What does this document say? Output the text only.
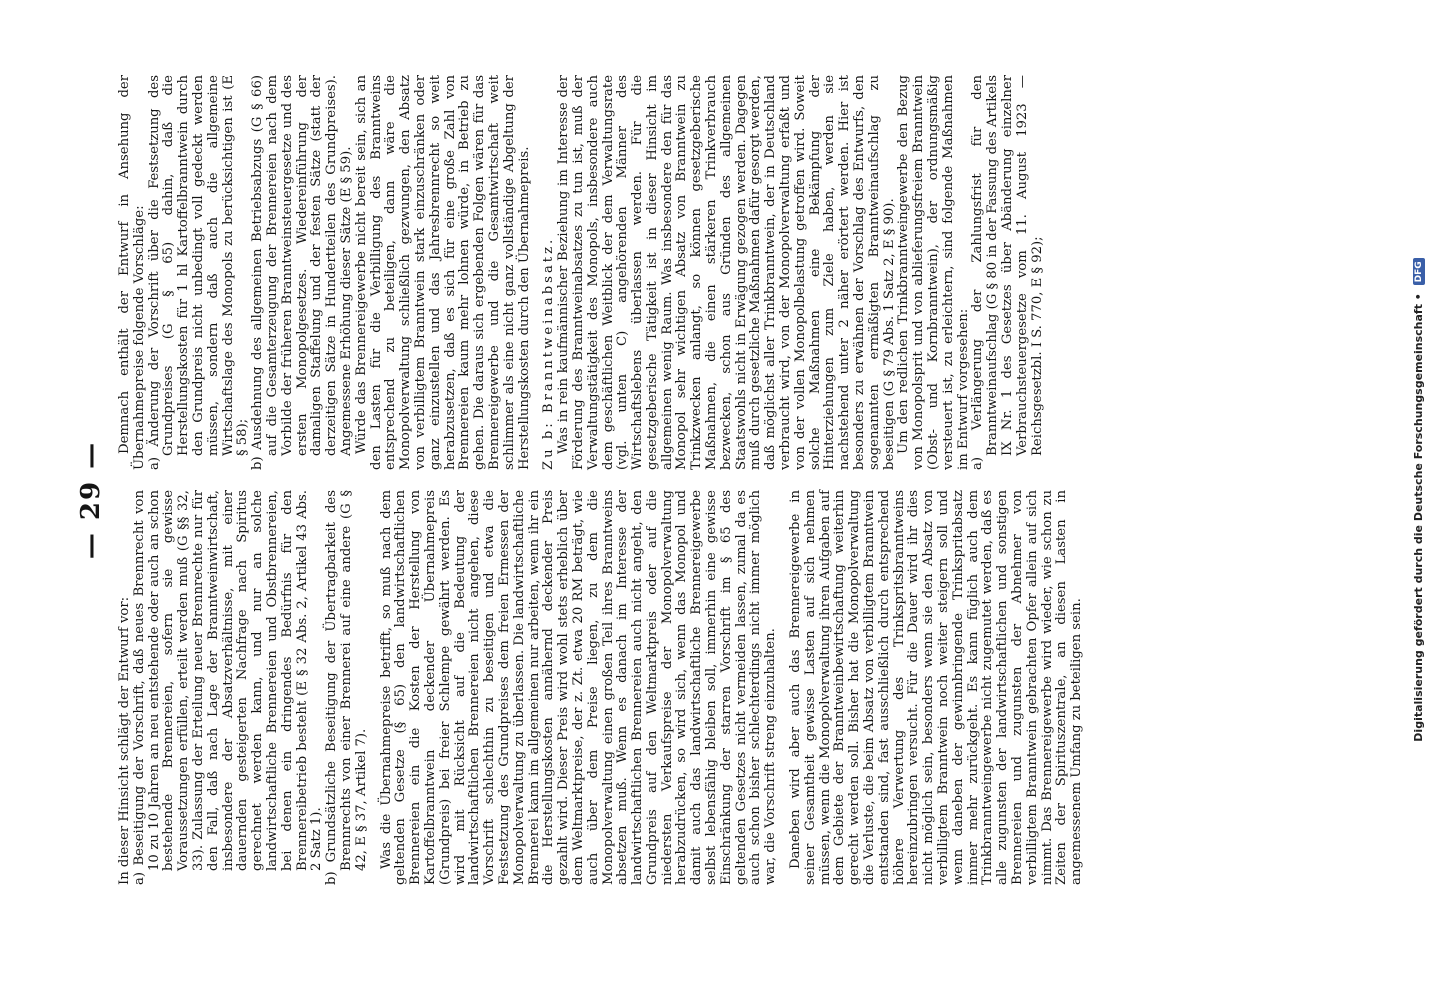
— 29 —

In dieser Hinsicht schlägt der Entwurf vor: a) Beseitigung der Vorschrift, daß neues Brennrecht von 10 zu 10 Jahren an neu entstehende oder auch an schon bestehende Brennereien, sofern sie gewisse Voraussetzungen erfüllen, erteilt werden muß (G §§ 32, 33). Zulassung der Erteilung neuer Brennrechte nur für den Fall, daß nach Lage der Branntweinwirtschaft, insbesondere der Absatzverhältnisse, mit einer dauernden gesteigerten Nachfrage nach Spiritus gerechnet werden kann, und nur an solche landwirtschaftliche Brennereien und Obstbrennereien, bei denen ein dringendes Bedürfnis für den Brennereibetrieb besteht (E § 32 Abs. 2, Artikel 43 Abs. 2 Satz 1). b) Grundsätzliche Beseitigung der Übertragbarkeit des Brennrechts von einer Brennerei auf eine andere (G § 42, E § 37, Artikel 7). Was die Übernahmepreise betrifft, so muß nach dem geltenden Gesetze (§ 65) den landwirtschaftlichen Brennereien ein die Kosten der Herstellung von Kartoffelbranntwein deckender Übernahmepreis (Grundpreis) bei freier Schlempe gewährt werden. Es wird mit Rücksicht auf die Bedeutung der landwirtschaftlichen Brennereien nicht angehen, diese Vorschrift schlechthin zu beseitigen und etwa die Festsetzung des Grundpreises dem freien Ermessen der Monopolverwaltung zu überlassen. Die landwirtschaftliche Brennerei kann im allgemeinen nur arbeiten, wenn ihr ein die Herstellungskosten annähernd deckender Preis gezahlt wird. Dieser Preis wird wohl stets erheblich über dem Weltmarktpreise, der z. Zt. etwa 20 RM beträgt, wie auch über dem Preise liegen, zu dem die Monopolverwaltung einen großen Teil ihres Branntweins absetzen muß. Wenn es danach im Interesse der landwirtschaftlichen Brennereien auch nicht angeht, den Grundpreis auf den Weltmarktpreis oder auf die niedersten Verkaufspreise der Monopolverwaltung herabzudrücken, so wird sich, wenn das Monopol und damit auch das landwirtschaftliche Brennereigewerbe selbst lebensfähig bleiben soll, immerhin eine gewisse Einschränkung der starren Vorschrift im § 65 des geltenden Gesetzes nicht vermeiden lassen, zumal da es auch schon bisher schlechterdings nicht immer möglich war, die Vorschrift streng einzuhalten. Daneben wird aber auch das Brennereigewerbe in seiner Gesamtheit gewisse Lasten auf sich nehmen müssen, wenn die Monopolverwaltung ihren Aufgaben auf dem Gebiete der Branntweinbewirtschaftung weiterhin gerecht werden soll. Bisher hat die Monopolverwaltung die Verluste, die beim Absatz von verbilligtem Branntwein entstanden sind, fast ausschließlich durch entsprechend höhere Verwertung des Trinkspritsbranntweins hereinzubringen versucht. Für die Dauer wird ihr dies nicht möglich sein, besonders wenn sie den Absatz von verbilligtem Branntwein noch weiter steigern soll und wenn daneben der gewinnbringende Trinkspritabsatz immer mehr zurückgeht. Es kann füglich auch dem Trinkbranntweingewerbe nicht zugemutet werden, daß es alle zugunsten der landwirtschaftlichen und sonstigen Brennereien und zugunsten der Abnehmer von verbilligtem Branntwein gebrachten Opfer allein auf sich nimmt. Das Brennereigewerbe wird wieder, wie schon zu Zeiten der Spirituszentrale, an diesen Lasten in angemessenem Umfang zu beteiligen sein.

Demnach enthält der Entwurf in Ansehung der Übernahmepreise folgende Vorschläge: a) Änderung der Vorschrift über die Festsetzung des Grundpreises (G § 65) dahin, daß die Herstellungskosten für 1 hl Kartoffelbranntwein durch den Grundpreis nicht unbedingt voll gedeckt werden müssen, sondern daß auch die allgemeine Wirtschaftslage des Monopols zu berücksichtigen ist (E § 58); b) Ausdehnung des allgemeinen Betriebsabzugs (G § 66) auf die Gesamterzeugung der Brennereien nach dem Vorbilde der früheren Branntweinsteuergesetze und des ersten Monopolgesetzes. Wiedereinführung der damaligen Staffelung und der festen Sätze (statt der derzeitigen Sätze in Hundertteilen des Grundpreises). Angemessene Erhöhung dieser Sätze (E § 59). Würde das Brennereigewerbe nicht bereit sein, sich an den Lasten für die Verbilligung des Branntweins entsprechend zu beteiligen, dann wäre die Monopolverwaltung schließlich gezwungen, den Absatz von verbilligtem Branntwein stark einzuschränken oder ganz einzustellen und das Jahresbrennrecht so weit herabzusetzen, daß es sich für eine große Zahl von Brennereien kaum mehr lohnen würde, in Betrieb zu gehen. Die daraus sich ergebenden Folgen wären für das Brennereigewerbe und die Gesamtwirtschaft weit schlimmer als eine nicht ganz vollständige Abgeltung der Herstellungskosten durch den Übernahmepreis. Zu b: Branntweinabsatz. Was in rein kaufmännischer Beziehung im Interesse der Förderung des Branntweinabsatzes zu tun ist, muß der Verwaltungstätigkeit des Monopols, insbesondere auch dem geschäftlichen Weitblick der dem Verwaltungsrate (vgl. unten C) angehörenden Männer des Wirtschaftslebens überlassen werden. Für die gesetzgeberische Tätigkeit ist in dieser Hinsicht im allgemeinen wenig Raum. Was insbesondere den für das Monopol sehr wichtigen Absatz von Branntwein zu Trinkzwecken anlangt, so können gesetzgeberische Maßnahmen, die einen stärkeren Trinkverbrauch bezwecken, schon aus Gründen des allgemeinen Staatswohls nicht in Erwägung gezogen werden. Dagegen muß durch gesetzliche Maßnahmen dafür gesorgt werden, daß möglichst aller Trinkbranntwein, der in Deutschland verbraucht wird, von der Monopolverwaltung erfaßt und von der vollen Monopolbelastung getroffen wird. Soweit solche Maßnahmen eine Bekämpfung der Hinterziehungen zum Ziele haben, werden sie nachstehend unter 2 näher erörtert werden. Hier ist besonders zu erwähnen der Vorschlag des Entwurfs, den sogenannten ermäßigten Branntweinaufschlag zu beseitigen (G § 79 Abs. 1 Satz 2, E § 90). Um den redlichen Trinkbranntweingewerbe den Bezug von Monopolsprit und von ablieferungsfreiem Branntwein (Obst- und Kornbranntwein), der ordnungsmäßig versteuert ist, zu erleichtern, sind folgende Maßnahmen im Entwurf vorgesehen: a) Verlängerung der Zahlungsfrist für den Branntweinaufschlag (G § 80 in der Fassung des Artikels IX Nr. 1 des Gesetzes über Abänderung einzelner Verbrauchsteuergesetze vom 11. August 1923 — Reichsgesetzbl. I S. 770, E § 92);	Digitalisierung gefördert durch die Deutsche Forschungsgemeinschaft • DFG
